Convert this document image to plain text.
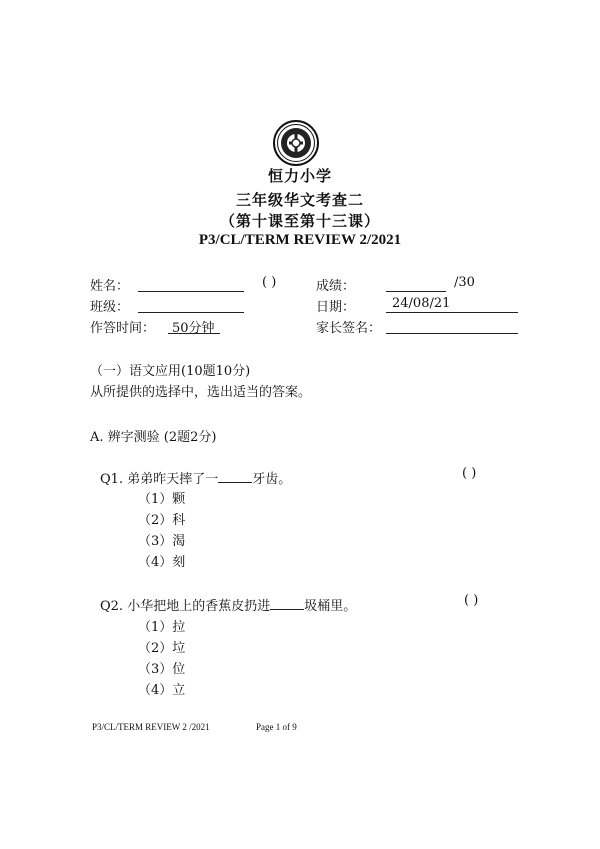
恒力小学
三年级华文考查二
（第十课至第十三课）
P3/CL/TERM REVIEW 2/2021
姓名：	( )	成绩：	/30
班级：	日期：	24/08/21
作答时间： 50分钟	家长签名：
（一）语文应用(10题10分)
从所提供的选择中，选出适当的答案。
A. 辨字测验 (2题2分)
Q1. 弟弟昨天摔了一	牙齿。	( )
（1）颗
（2）科
（3）渴
（4）刻
Q2. 小华把地上的香蕉皮扔进	圾桶里。	( )
（1）拉
（2）垃
（3）位
（4）立
P3/CL/TERM REVIEW 2 /2021	Page 1 of 9
